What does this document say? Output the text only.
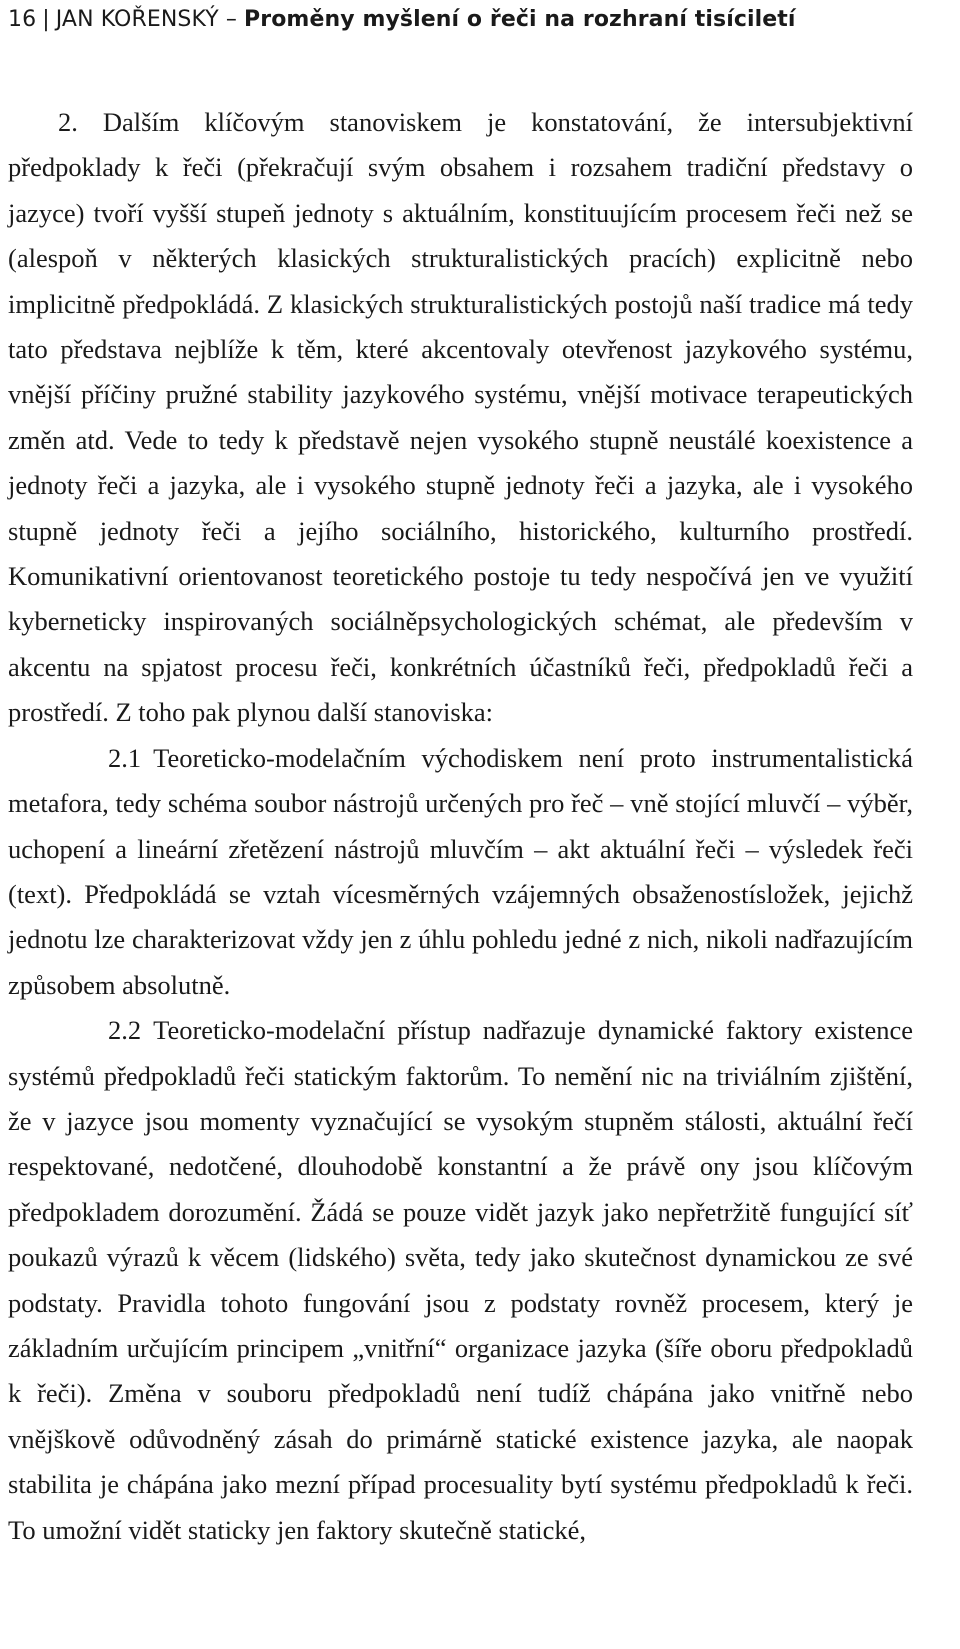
16 | JAN KOŘENSKÝ – Proměny myšlení o řeči na rozhraní tisíciletí

2. Dalším klíčovým stanoviskem je konstatování, že intersubjektivní předpoklady k řeči (překračují svým obsahem i rozsahem tradiční představy o jazyce) tvoří vyšší stupeň jednoty s aktuálním, konstituujícím procesem řeči než se (alespoň v některých klasických strukturalistických pracích) explicitně nebo implicitně předpokládá. Z klasických strukturalistických postojů naší tradice má tedy tato představa nejblíže k těm, které akcentovaly otevřenost jazykového systému, vnější příčiny pružné stability jazykového systému, vnější motivace terapeutických změn atd. Vede to tedy k představě nejen vysokého stupně neustálé koexistence a jednoty řeči a jazyka, ale i vysokého stupně jednoty řeči a jazyka, ale i vysokého stupně jednoty řeči a jejího sociálního, historického, kulturního prostředí. Komunikativní orientovanost teoretického postoje tu tedy nespočívá jen ve využití kyberneticky inspirovaných sociálněpsychologických schémat, ale především v akcentu na spjatost procesu řeči, konkrétních účastníků řeči, předpokladů řeči a prostředí. Z toho pak plynou další stanoviska:

2.1 Teoreticko-modelačním východiskem není proto instrumentalistická metafora, tedy schéma soubor nástrojů určených pro řeč – vně stojící mluvčí – výběr, uchopení a lineární zřetězení nástrojů mluvčím – akt aktuální řeči – výsledek řeči (text). Předpokládá se vztah vícesměrných vzájemných obsaženostísložek, jejichž jednotu lze charakterizovat vždy jen z úhlu pohledu jedné z nich, nikoli nadřazujícím způsobem absolutně.

2.2 Teoreticko-modelační přístup nadřazuje dynamické faktory existence systémů předpokladů řeči statickým faktorům. To nemění nic na triviálním zjištění, že v jazyce jsou momenty vyznačující se vysokým stupněm stálosti, aktuální řečí respektované, nedotčené, dlouhodobě konstantní a že právě ony jsou klíčovým předpokladem dorozumění. Žádá se pouze vidět jazyk jako nepřetržitě fungující síť poukazů výrazů k věcem (lidského) světa, tedy jako skutečnost dynamickou ze své podstaty. Pravidla tohoto fungování jsou z podstaty rovněž procesem, který je základním určujícím principem „vnitřní“ organizace jazyka (šíře oboru předpokladů k řeči). Změna v souboru předpokladů není tudíž chápána jako vnitřně nebo vnějškově odůvodněný zásah do primárně statické existence jazyka, ale naopak stabilita je chápána jako mezní případ procesuality bytí systému předpokladů k řeči. To umožní vidět staticky jen faktory skutečně statické,
